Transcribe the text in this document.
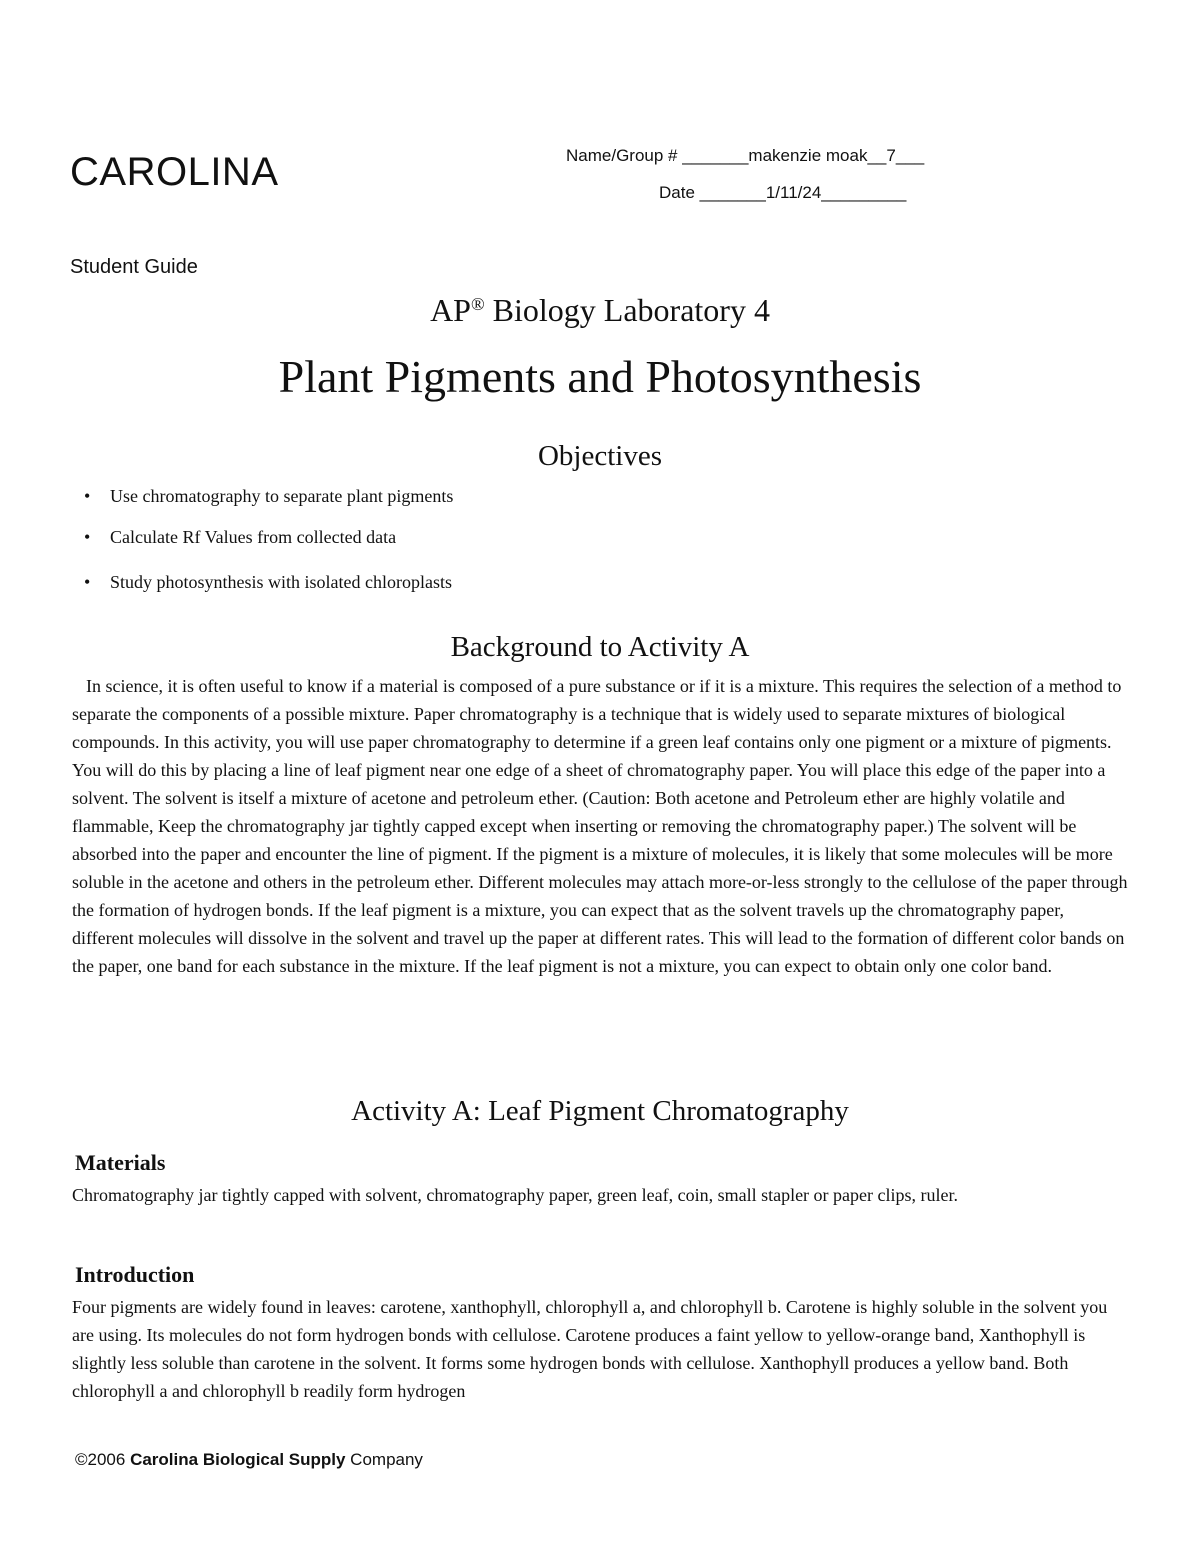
CAROLINA	Name/Group # _______makenzie moak__7___
Date _______1/11/24_________
Student Guide
AP® Biology Laboratory 4
Plant Pigments and Photosynthesis
Objectives
• Use chromatography to separate plant pigments
• Calculate Rf Values from collected data
• Study photosynthesis with isolated chloroplasts
Background to Activity A

In science, it is often useful to know if a material is composed of a pure substance or if it is a mixture. This requires the selection of a method to separate the components of a possible mixture. Paper chromatography is a technique that is widely used to separate mixtures of biological compounds. In this activity, you will use paper chromatography to determine if a green leaf contains only one pigment or a mixture of pigments. You will do this by placing a line of leaf pigment near one edge of a sheet of chromatography paper. You will place this edge of the paper into a solvent. The solvent is itself a mixture of acetone and petroleum ether. (Caution: Both acetone and Petroleum ether are highly volatile and flammable, Keep the chromatography jar tightly capped except when inserting or removing the chromatography paper.) The solvent will be absorbed into the paper and encounter the line of pigment. If the pigment is a mixture of molecules, it is likely that some molecules will be more soluble in the acetone and others in the petroleum ether. Different molecules may attach more-or-less strongly to the cellulose of the paper through the formation of hydrogen bonds. If the leaf pigment is a mixture, you can expect that as the solvent travels up the chromatography paper, different molecules will dissolve in the solvent and travel up the paper at different rates. This will lead to the formation of different color bands on the paper, one band for each substance in the mixture. If the leaf pigment is not a mixture, you can expect to obtain only one color band.

Activity A: Leaf Pigment Chromatography
Materials

Chromatography jar tightly capped with solvent, chromatography paper, green leaf, coin, small stapler or paper clips, ruler.

Introduction

Four pigments are widely found in leaves: carotene, xanthophyll, chlorophyll a, and chlorophyll b. Carotene is highly soluble in the solvent you are using. Its molecules do not form hydrogen bonds with cellulose. Carotene produces a faint yellow to yellow-orange band, Xanthophyll is slightly less soluble than carotene in the solvent. It forms some hydrogen bonds with cellulose. Xanthophyll produces a yellow band. Both chlorophyll a and chlorophyll b readily form hydrogen

©2006 Carolina Biological Supply Company
